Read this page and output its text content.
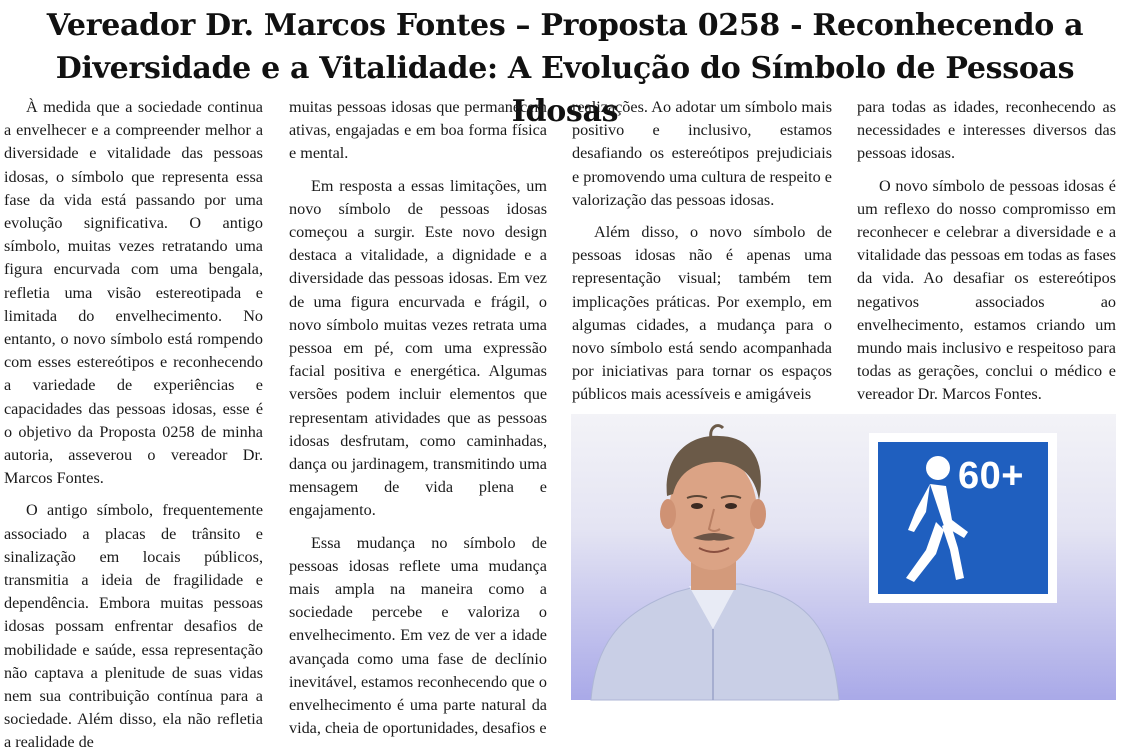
Vereador Dr. Marcos Fontes – Proposta 0258 - Reconhecendo a Diversidade e a Vitalidade: A Evolução do Símbolo de Pessoas Idosas

À medida que a sociedade continua a envelhecer e a compreender melhor a diversidade e vitalidade das pessoas idosas, o símbolo que representa essa fase da vida está passando por uma evolução significativa. O antigo símbolo, muitas vezes retratando uma figura encurvada com uma bengala, refletia uma visão estereotipada e limitada do envelhecimento. No entanto, o novo símbolo está rompendo com esses estereótipos e reconhecendo a variedade de experiências e capacidades das pessoas idosas, esse é o objetivo da Proposta 0258 de minha autoria, asseverou o vereador Dr. Marcos Fontes.

O antigo símbolo, frequentemente associado a placas de trânsito e sinalização em locais públicos, transmitia a ideia de fragilidade e dependência. Embora muitas pessoas idosas possam enfrentar desafios de mobilidade e saúde, essa representação não captava a plenitude de suas vidas nem sua contribuição contínua para a sociedade. Além disso, ela não refletia a realidade de

muitas pessoas idosas que permanecem ativas, engajadas e em boa forma física e mental.

Em resposta a essas limitações, um novo símbolo de pessoas idosas começou a surgir. Este novo design destaca a vitalidade, a dignidade e a diversidade das pessoas idosas. Em vez de uma figura encurvada e frágil, o novo símbolo muitas vezes retrata uma pessoa em pé, com uma expressão facial positiva e energética. Algumas versões podem incluir elementos que representam atividades que as pessoas idosas desfrutam, como caminhadas, dança ou jardinagem, transmitindo uma mensagem de vida plena e engajamento.

Essa mudança no símbolo de pessoas idosas reflete uma mudança mais ampla na maneira como a sociedade percebe e valoriza o envelhecimento. Em vez de ver a idade avançada como uma fase de declínio inevitável, estamos reconhecendo que o envelhecimento é uma parte natural da vida, cheia de oportunidades, desafios e

realizações. Ao adotar um símbolo mais positivo e inclusivo, estamos desafiando os estereótipos prejudiciais e promovendo uma cultura de respeito e valorização das pessoas idosas.

Além disso, o novo símbolo de pessoas idosas não é apenas uma representação visual; também tem implicações práticas. Por exemplo, em algumas cidades, a mudança para o novo símbolo está sendo acompanhada por iniciativas para tornar os espaços públicos mais acessíveis e amigáveis

para todas as idades, reconhecendo as necessidades e interesses diversos das pessoas idosas.

O novo símbolo de pessoas idosas é um reflexo do nosso compromisso em reconhecer e celebrar a diversidade e a vitalidade das pessoas em todas as fases da vida. Ao desafiar os estereótipos negativos associados ao envelhecimento, estamos criando um mundo mais inclusivo e respeitoso para todas as gerações, conclui o médico e vereador Dr. Marcos Fontes.

60+
